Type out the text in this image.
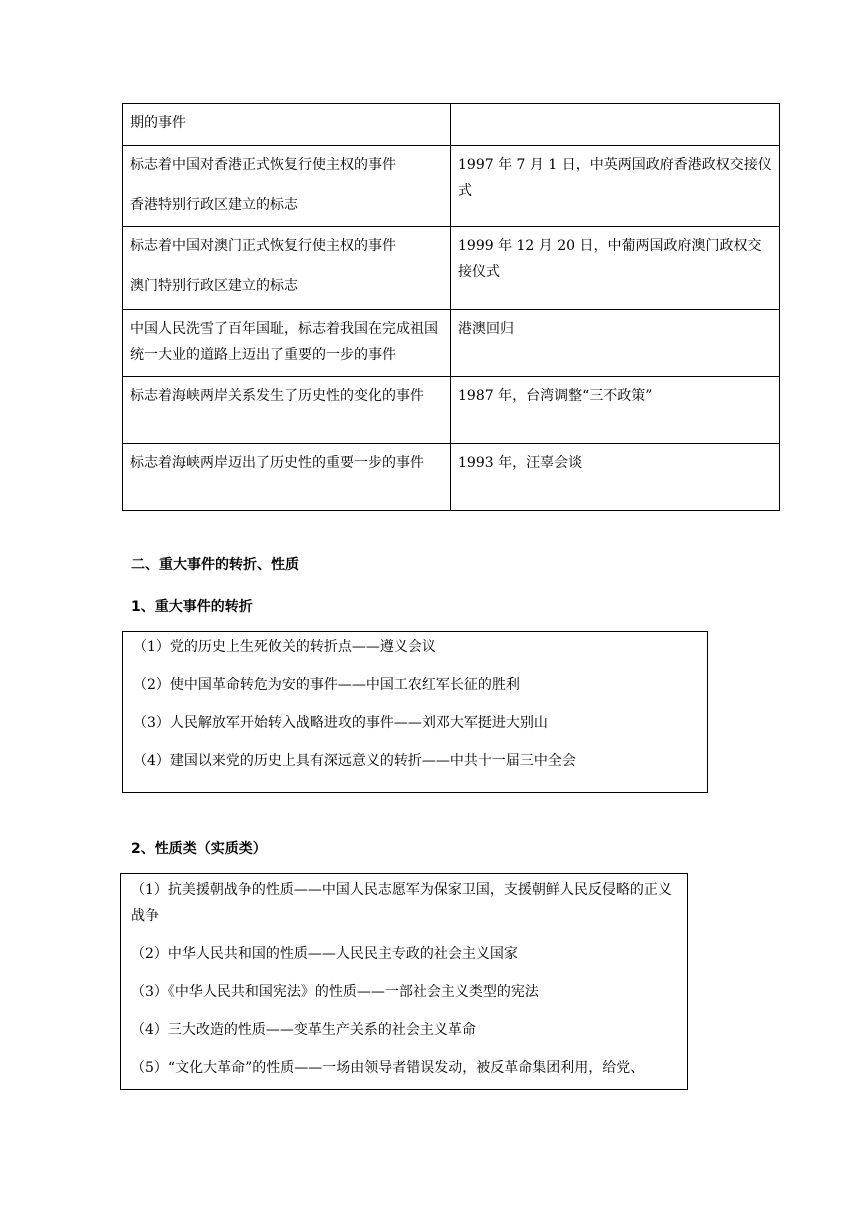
期的事件	

标志着中国对香港正式恢复行使主权的事件
香港特别行政区建立的标志	1997 年 7 月 1 日，中英两国政府香港政权交接仪式

标志着中国对澳门正式恢复行使主权的事件
澳门特别行政区建立的标志	1999 年 12 月 20 日，中葡两国政府澳门政权交接仪式

中国人民洗雪了百年国耻，标志着我国在完成祖国统一大业的道路上迈出了重要的一步的事件	港澳回归

标志着海峡两岸关系发生了历史性的变化的事件	1987 年，台湾调整“三不政策”

标志着海峡两岸迈出了历史性的重要一步的事件	1993 年，汪辜会谈
二、重大事件的转折、性质
1、重大事件的转折

（1）党的历史上生死攸关的转折点——遵义会议

（2）使中国革命转危为安的事件——中国工农红军长征的胜利

（3）人民解放军开始转入战略进攻的事件——刘邓大军挺进大别山

（4）建国以来党的历史上具有深远意义的转折——中共十一届三中全会

2、性质类（实质类）

（1）抗美援朝战争的性质——中国人民志愿军为保家卫国，支援朝鲜人民反侵略的正义战争

（2）中华人民共和国的性质——人民民主专政的社会主义国家

（3）《中华人民共和国宪法》的性质——一部社会主义类型的宪法

（4）三大改造的性质——变革生产关系的社会主义革命

（5）“文化大革命”的性质——一场由领导者错误发动，被反革命集团利用，给党、
